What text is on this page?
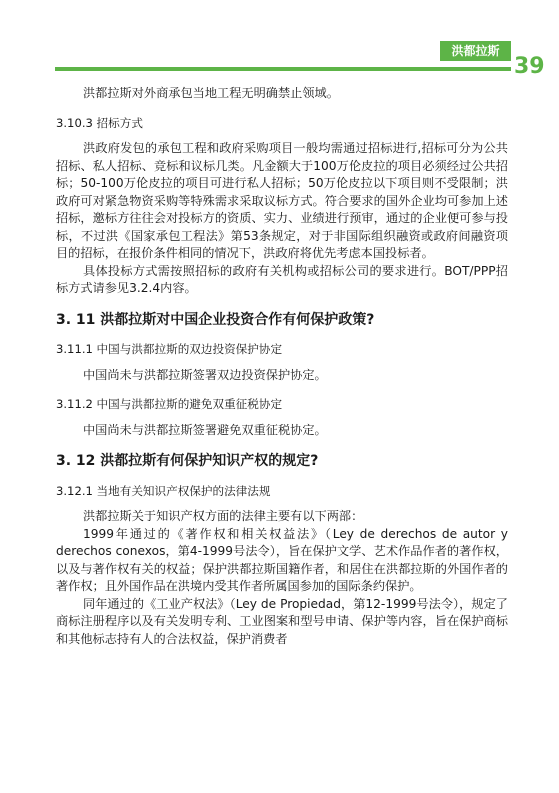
洪都拉斯
39

洪都拉斯对外商承包当地工程无明确禁止领域。

3.10.3 招标方式

洪政府发包的承包工程和政府采购项目一般均需通过招标进行,招标可分为公共招标、私人招标、竞标和议标几类。凡金额大于100万伦皮拉的项目必须经过公共招标；50-100万伦皮拉的项目可进行私人招标；50万伦皮拉以下项目则不受限制；洪政府可对紧急物资采购等特殊需求采取议标方式。符合要求的国外企业均可参加上述招标，邀标方往往会对投标方的资质、实力、业绩进行预审，通过的企业便可参与投标，不过洪《国家承包工程法》第53条规定，对于非国际组织融资或政府间融资项目的招标，在报价条件相同的情况下，洪政府将优先考虑本国投标者。

具体投标方式需按照招标的政府有关机构或招标公司的要求进行。BOT/PPP招标方式请参见3.2.4内容。

3. 11 洪都拉斯对中国企业投资合作有何保护政策?

3.11.1 中国与洪都拉斯的双边投资保护协定

中国尚未与洪都拉斯签署双边投资保护协定。

3.11.2 中国与洪都拉斯的避免双重征税协定

中国尚未与洪都拉斯签署避免双重征税协定。

3. 12 洪都拉斯有何保护知识产权的规定?

3.12.1 当地有关知识产权保护的法律法规

洪都拉斯关于知识产权方面的法律主要有以下两部：

1999年通过的《著作权和相关权益法》（Ley de derechos de autor y derechos conexos，第4-1999号法令），旨在保护文学、艺术作品作者的著作权，以及与著作权有关的权益；保护洪都拉斯国籍作者，和居住在洪都拉斯的外国作者的著作权；且外国作品在洪境内受其作者所属国参加的国际条约保护。

同年通过的《工业产权法》（Ley de Propiedad，第12-1999号法令），规定了商标注册程序以及有关发明专利、工业图案和型号申请、保护等内容，旨在保护商标和其他标志持有人的合法权益，保护消费者
